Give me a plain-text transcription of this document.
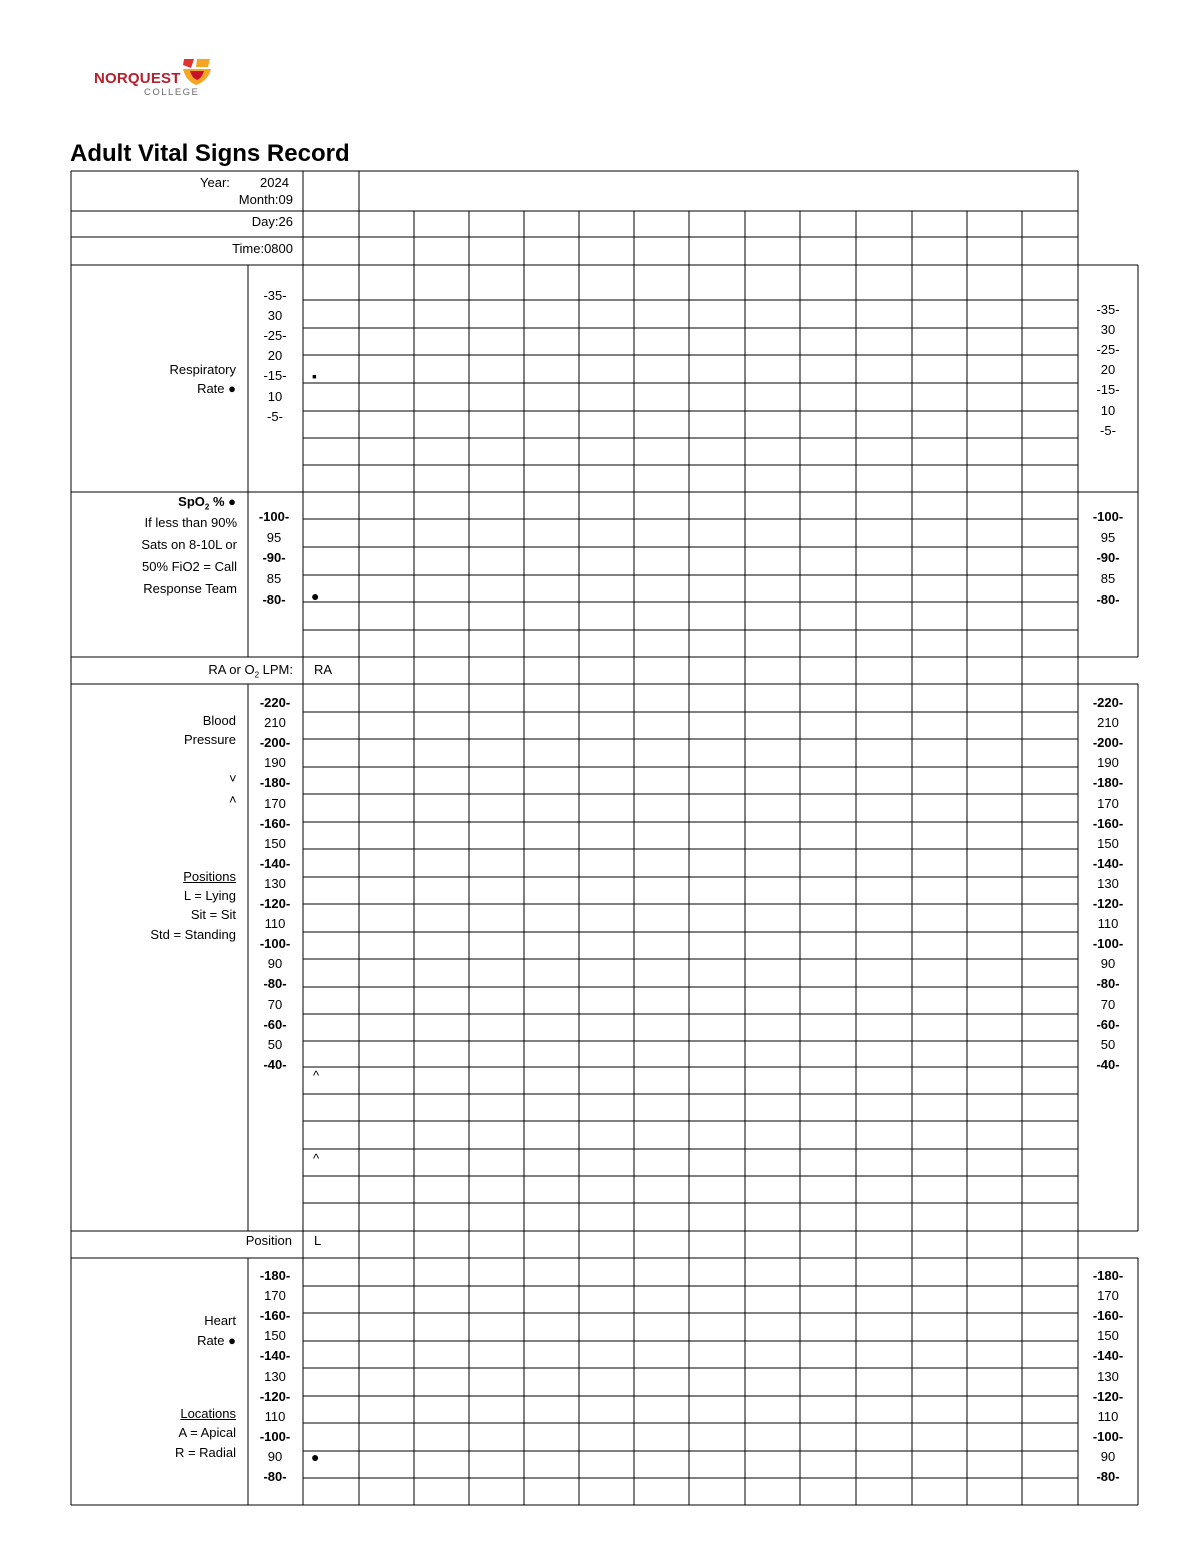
NORQUEST
COLLEGE
Adult Vital Signs Record
Year: 2024
Month:09
Day:26
Time:0800
Respiratory
Rate ●
-35-
30
-25-
20
-15-
10
-5-
-35-
30
-25-
20
-15-
10
-5-
▪
SpO$_2$ % ●
If less than 90%
Sats on 8-10L or
50% FiO2 = Call
Response Team
-100-
95
-90-
85
-80-
-100-
95
-90-
85
-80-
●
RA or $O_2$ LPM: RA
Blood
Pressure
˅
˄
Positions
L = Lying
Sit = Sit
Std = Standing
-220-
210
-200-
190
-180-
170
-160-
150
-140-
130
-120-
110
-100-
90
-80-
70
-60-
50
-40-
-220-
210
-200-
190
-180-
170
-160-
150
-140-
130
-120-
110
-100-
90
-80-
70
-60-
50
-40-
^
^
Position L
Heart
Rate ●
Locations
A = Apical
R = Radial
-180-
170
-160-
150
-140-
130
-120-
110
-100-
90
-80-
-180-
170
-160-
150
-140-
130
-120-
110
-100-
90
-80-
●
